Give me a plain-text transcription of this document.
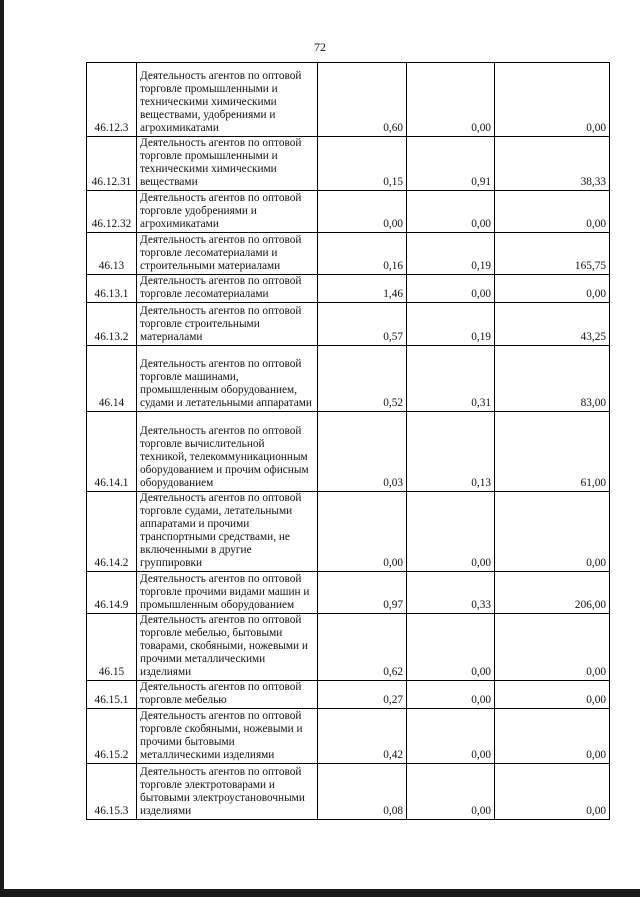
72
46.12.3	Деятельность агентов по оптовой торговле промышленными и техническими химическими веществами, удобрениями и агрохимикатами	0,60	0,00	0,00
46.12.31	Деятельность агентов по оптовой торговле промышленными и техническими химическими веществами	0,15	0,91	38,33
46.12.32	Деятельность агентов по оптовой торговле удобрениями и агрохимикатами	0,00	0,00	0,00
46.13	Деятельность агентов по оптовой торговле лесоматериалами и строительными материалами	0,16	0,19	165,75
46.13.1	Деятельность агентов по оптовой торговле лесоматериалами	1,46	0,00	0,00
46.13.2	Деятельность агентов по оптовой торговле строительными материалами	0,57	0,19	43,25
46.14	Деятельность агентов по оптовой торговле машинами, промышленным оборудованием, судами и летательными аппаратами	0,52	0,31	83,00
46.14.1	Деятельность агентов по оптовой торговле вычислительной техникой, телекоммуникационным оборудованием и прочим офисным оборудованием	0,03	0,13	61,00
46.14.2	Деятельность агентов по оптовой торговле судами, летательными аппаратами и прочими транспортными средствами, не включенными в другие группировки	0,00	0,00	0,00
46.14.9	Деятельность агентов по оптовой торговле прочими видами машин и промышленным оборудованием	0,97	0,33	206,00
46.15	Деятельность агентов по оптовой торговле мебелью, бытовыми товарами, скобяными, ножевыми и прочими металлическими изделиями	0,62	0,00	0,00
46.15.1	Деятельность агентов по оптовой торговле мебелью	0,27	0,00	0,00
46.15.2	Деятельность агентов по оптовой торговле скобяными, ножевыми и прочими бытовыми металлическими изделиями	0,42	0,00	0,00
46.15.3	Деятельность агентов по оптовой торговле электротоварами и бытовыми электроустановочными изделиями	0,08	0,00	0,00
